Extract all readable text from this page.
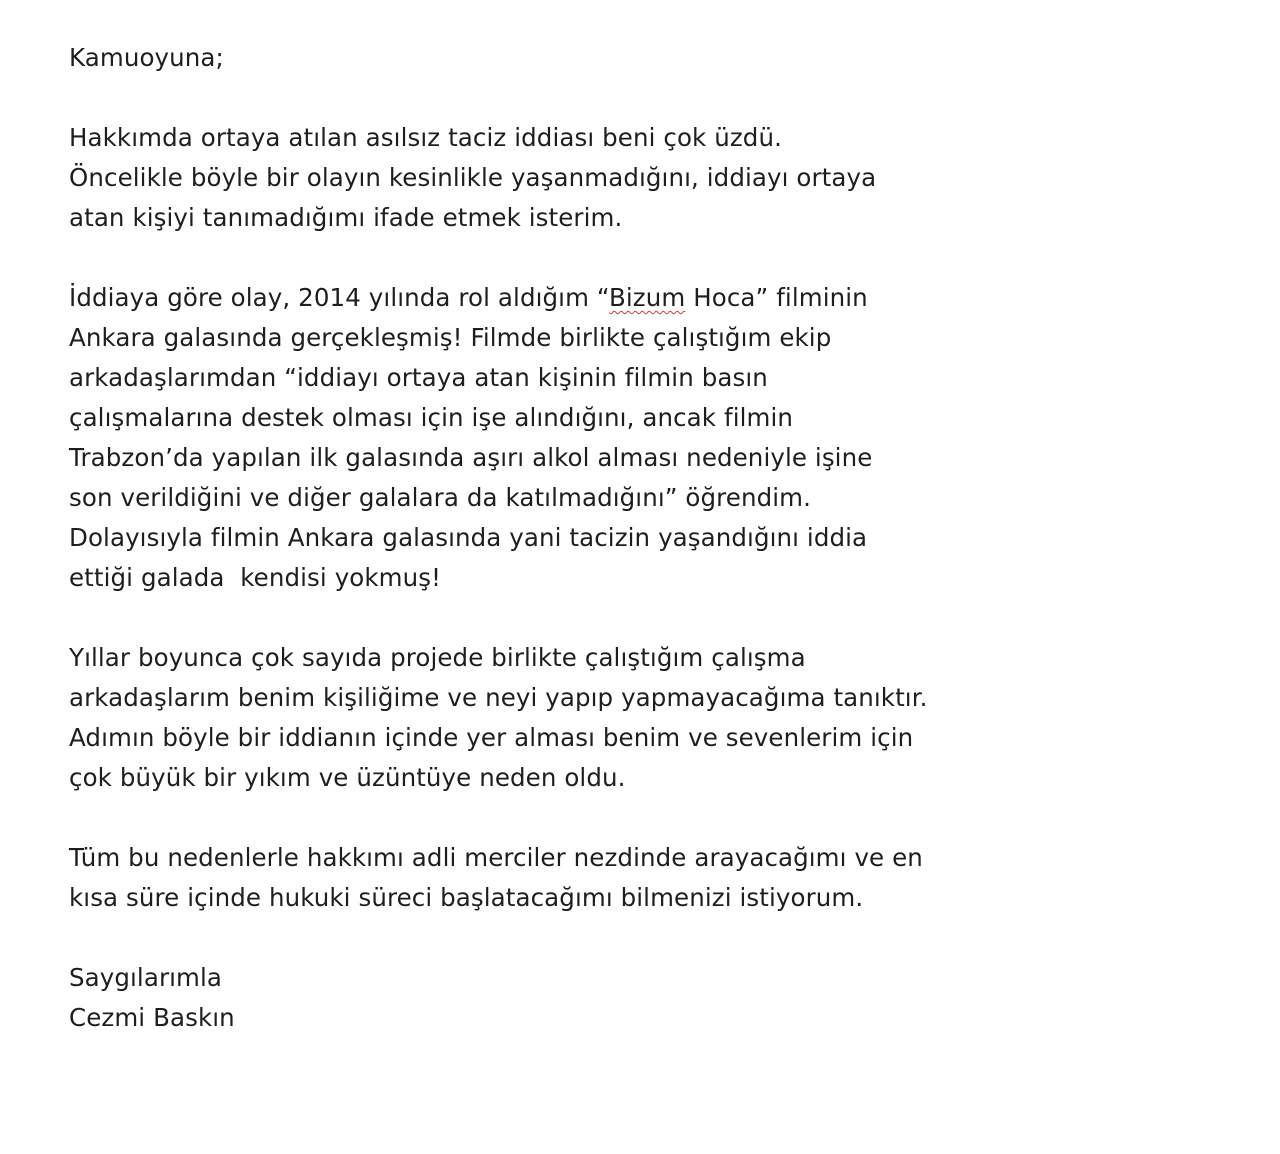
Kamuoyuna;
Hakkımda ortaya atılan asılsız taciz iddiası beni çok üzdü.
Öncelikle böyle bir olayın kesinlikle yaşanmadığını, iddiayı ortaya
atan kişiyi tanımadığımı ifade etmek isterim.
İddiaya göre olay, 2014 yılında rol aldığım “Bizum Hoca” filminin
Ankara galasında gerçekleşmiş! Filmde birlikte çalıştığım ekip
arkadaşlarımdan “iddiayı ortaya atan kişinin filmin basın
çalışmalarına destek olması için işe alındığını, ancak filmin
Trabzon’da yapılan ilk galasında aşırı alkol alması nedeniyle işine
son verildiğini ve diğer galalara da katılmadığını” öğrendim.
Dolayısıyla filmin Ankara galasında yani tacizin yaşandığını iddia
ettiği galada  kendisi yokmuş!
Yıllar boyunca çok sayıda projede birlikte çalıştığım çalışma
arkadaşlarım benim kişiliğime ve neyi yapıp yapmayacağıma tanıktır.
Adımın böyle bir iddianın içinde yer alması benim ve sevenlerim için
çok büyük bir yıkım ve üzüntüye neden oldu.
Tüm bu nedenlerle hakkımı adli merciler nezdinde arayacağımı ve en
kısa süre içinde hukuki süreci başlatacağımı bilmenizi istiyorum.
Saygılarımla
Cezmi Baskın
